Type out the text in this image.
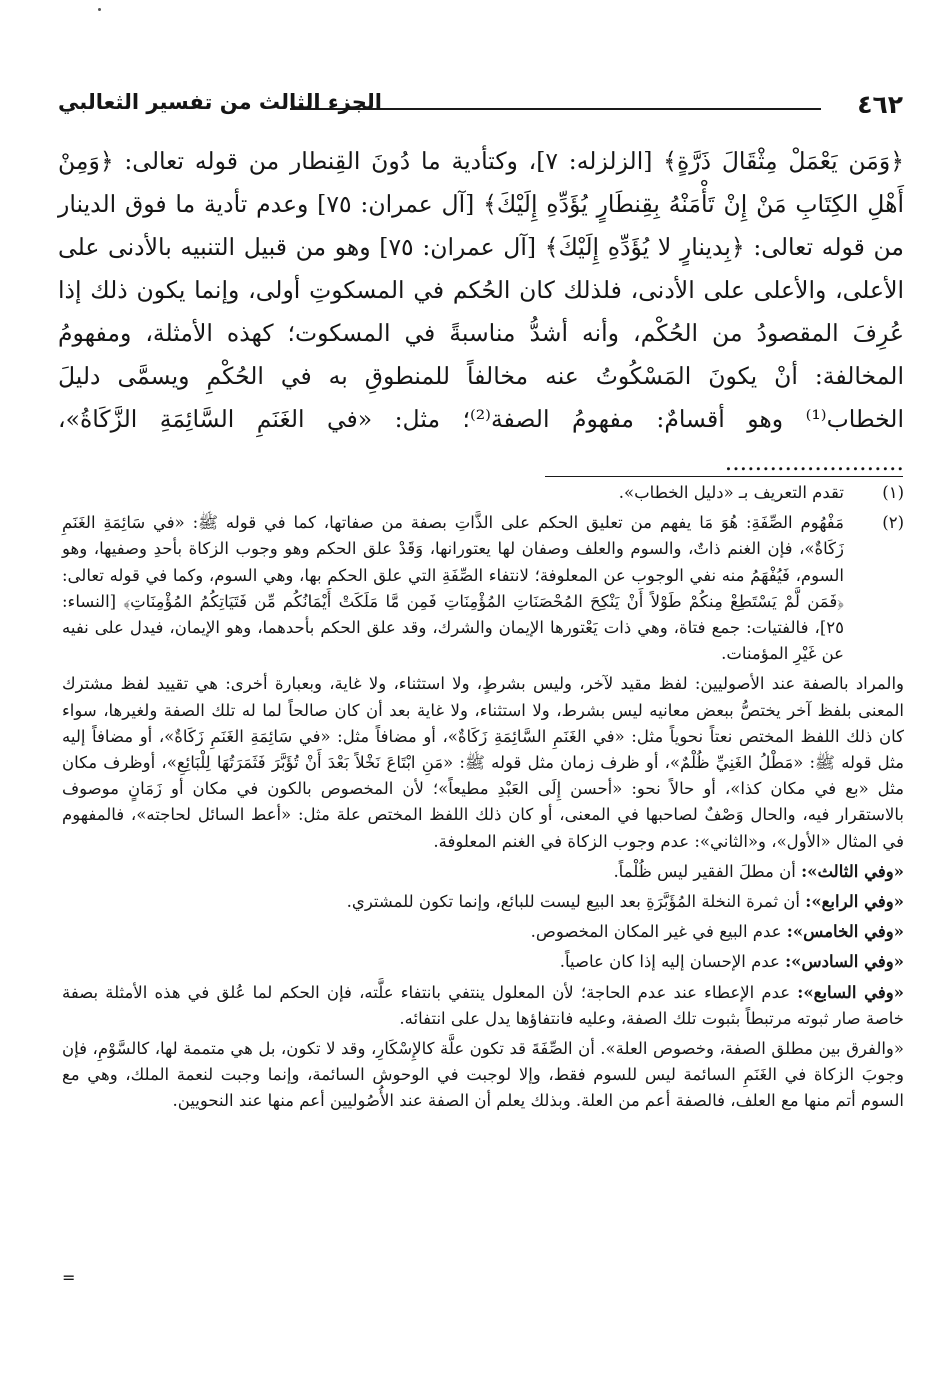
٤٦٢
الجزء الثالث من تفسير الثعالبي

﴿وَمَن يَعْمَلْ مِثْقَالَ ذَرَّةٍ﴾ [الزلزله: ٧]، وكتأدية ما دُونَ القِنطار من قوله تعالى: ﴿وَمِنْ أَهْلِ الكِتَابِ مَنْ إِنْ تَأْمَنْهُ بِقِنطَارٍ يُؤَدِّهِ إِلَيْكَ﴾ [آل عمران: ٧٥] وعدم تأدية ما فوق الدينار من قوله تعالى: ﴿بِدينارٍ لا يُؤَدِّهِ إِلَيْكَ﴾ [آل عمران: ٧٥] وهو من قبيل التنبيه بالأدنى على الأعلى، والأعلى على الأدنى، فلذلك كان الحُكم في المسكوتِ أولى، وإنما يكون ذلك إذا عُرِفَ المقصودُ من الحُكْم، وأنه أشدُّ مناسبةً في المسكوت؛ كهذه الأمثلة، ومفهومُ المخالفة: أنْ يكونَ المَسْكُوتُ عنه مخالفاً للمنطوقِ به في الحُكْمِ ويسمَّى دليلَ الخطاب⁽¹⁾ وهو أقسامٌ: مفهومُ الصفة⁽²⁾؛ مثل: «في الغَنَمِ السَّائِمَةِ الزَّكَاةُ»، ........................

(١)

تقدم التعريف بـ «دليل الخطاب».

(٢)

مَفْهُوم الصِّفَةِ: هُوَ مَا يفهم من تعليق الحكم على الذَّاتِ بصفة من صفاتها، كما في قوله ﷺ: «في سَائِمَةِ الغَنَمِ زَكَاةٌ»، فإن الغنم ذاتٌ، والسوم والعلف وصفان لها يعتورانها، وَقَدْ علق الحكم وهو وجوب الزكاة بأحدِ وصفيها، وهو السوم، فَيُفْهَمُ منه نفي الوجوب عن المعلوفة؛ لانتفاء الصِّفَةِ التي علق الحكم بها، وهي السوم، وكما في قوله تعالى: ﴿فَمَن لَّمْ يَسْتَطِعْ مِنكُمْ طَوْلاً أَنْ يَنْكِحَ المُحْصَنَاتِ المُؤْمِنَاتِ فَمِن مَّا مَلَكَتْ أَيْمَانُكُم مِّن فَتَيَاتِكُمُ المُؤْمِنَاتِ﴾ [النساء: ٢٥]، فالفتيات: جمع فتاة، وهي ذات يَعْتورها الإيمان والشرك، وقد علق الحكم بأحدهما، وهو الإيمان، فيدل على نفيه عن غَيْرِ المؤمنات.

والمراد بالصفة عند الأصوليين: لفظ مقيد لآخر، وليس بشرطٍ، ولا استثناء، ولا غاية، وبعبارة أخرى: هي تقييد لفظ مشترك المعنى بلفظ آخر يختصُّ ببعض معانيه ليس بشرط، ولا استثناء، ولا غاية بعد أن كان صالحاً لما له تلك الصفة ولغيرها، سواء كان ذلك اللفظ المختص نعتاً نحوياً مثل: «في الغَنَمِ السَّائِمَةِ زَكَاةٌ»، أو مضافاً مثل: «في سَائِمَةِ الغَنَمِ زَكَاةٌ»، أو مضافاً إليه مثل قوله ﷺ: «مَطْلُ الغَنِيِّ ظُلْمٌ»، أو ظرف زمان مثل قوله ﷺ: «مَنِ ابْتَاعَ نَخْلاً بَعْدَ أَنْ تُؤَبَّرَ فَثَمَرَتُهَا لِلْبَائِعِ»، أوظرف مكان مثل «بع في مكان كذا»، أو حالاً نحو: «أحسن إِلَى العَبْدِ مطيعاً»؛ لأن المخصوص بالكون في مكان أو زَمَانٍ موصوف بالاستقرار فيه، والحال وَصْفٌ لصاحبها في المعنى، أو كان ذلك اللفظ المختص علة مثل: «أعط السائل لحاجته»، فالمفهوم في المثال «الأول»، و«الثاني»: عدم وجوب الزكاة في الغنم المعلوفة.

«وفي الثالث»: أن مطلَ الفقير ليس ظُلْماً.

«وفي الرابع»: أن ثمرة النخلة المُؤَبَّرَةِ بعد البيع ليست للبائع، وإنما تكون للمشتري.

«وفي الخامس»: عدم البيع في غير المكان المخصوص.

«وفي السادس»: عدم الإحسان إليه إذا كان عاصياً.

«وفي السابع»: عدم الإعطاء عند عدم الحاجة؛ لأن المعلول ينتفي بانتفاء علَّته، فإن الحكم لما عُلق في هذه الأمثلة بصفة خاصة صار ثبوته مرتبطاً بثبوت تلك الصفة، وعليه فانتفاؤها يدل على انتفائه.

«والفرق بين مطلق الصفة، وخصوص العلة». أن الصِّفَةَ قد تكون علَّة كالإِسْكَارِ، وقد لا تكون، بل هي متممة لها، كالسَّوْمِ، فإن وجوبَ الزكاة في الغَنَمِ السائمة ليس للسوم فقط، وإلا لوجبت في الوحوش السائمة، وإنما وجبت لنعمة الملك، وهي مع السوم أتم منها مع العلف، فالصفة أعم من العلة. وبذلك يعلم أن الصفة عند الأُصُوليين أعم منها عند النحويين.

=
